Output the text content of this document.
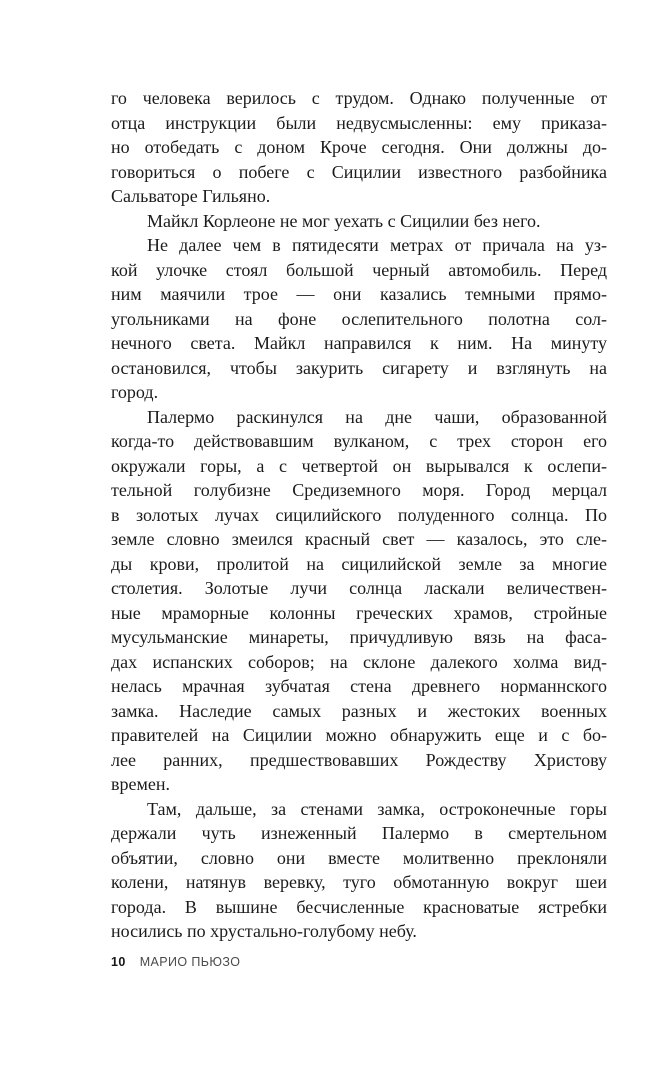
го человека верилось с трудом. Однако полученные от
отца инструкции были недвусмысленны: ему приказа-
но отобедать с доном Кроче сегодня. Они должны до-
говориться о побеге с Сицилии известного разбойника
Сальваторе Гильяно.
Майкл Корлеоне не мог уехать с Сицилии без него.
Не далее чем в пятидесяти метрах от причала на уз-
кой улочке стоял большой черный автомобиль. Перед
ним маячили трое — они казались темными прямо-
угольниками на фоне ослепительного полотна сол-
нечного света. Майкл направился к ним. На минуту
остановился, чтобы закурить сигарету и взглянуть на
город.
Палермо раскинулся на дне чаши, образованной
когда-то действовавшим вулканом, с трех сторон его
окружали горы, а с четвертой он вырывался к ослепи-
тельной голубизне Средиземного моря. Город мерцал
в золотых лучах сицилийского полуденного солнца. По
земле словно змеился красный свет — казалось, это сле-
ды крови, пролитой на сицилийской земле за многие
столетия. Золотые лучи солнца ласкали величествен-
ные мраморные колонны греческих храмов, стройные
мусульманские минареты, причудливую вязь на фаса-
дах испанских соборов; на склоне далекого холма вид-
нелась мрачная зубчатая стена древнего норманнского
замка. Наследие самых разных и жестоких военных
правителей на Сицилии можно обнаружить еще и с бо-
лее ранних, предшествовавших Рождеству Христову
времен.
Там, дальше, за стенами замка, остроконечные горы
держали чуть изнеженный Палермо в смертельном
объятии, словно они вместе молитвенно преклоняли
колени, натянув веревку, туго обмотанную вокруг шеи
города. В вышине бесчисленные красноватые ястребки
носились по хрустально-голубому небу.
10 МАРИО ПЬЮЗО
